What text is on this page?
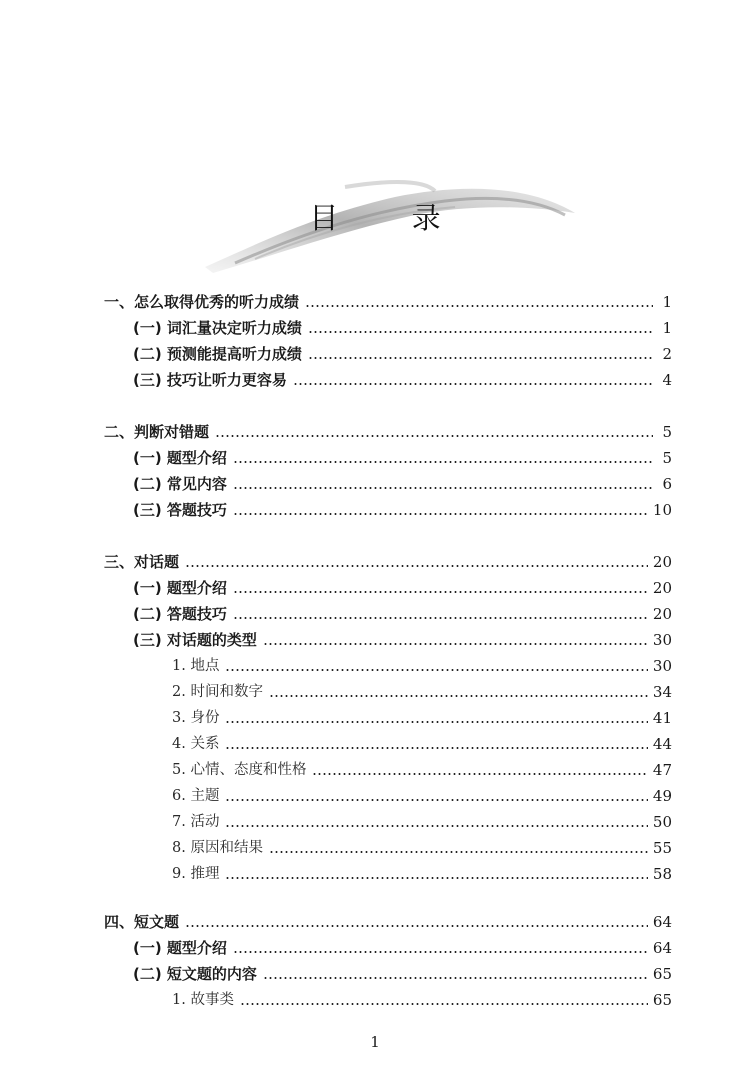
目 录
一、怎么取得优秀的听力成绩	1
(一) 词汇量决定听力成绩	1
(二) 预测能提高听力成绩	2
(三) 技巧让听力更容易	4
二、判断对错题	5
(一) 题型介绍	5
(二) 常见内容	6
(三) 答题技巧	10
三、对话题	20
(一) 题型介绍	20
(二) 答题技巧	20
(三) 对话题的类型	30
1. 地点	30
2. 时间和数字	34
3. 身份	41
4. 关系	44
5. 心情、态度和性格	47
6. 主题	49
7. 活动	50
8. 原因和结果	55
9. 推理	58
四、短文题	64
(一) 题型介绍	64
(二) 短文题的内容	65
1. 故事类	65
1
